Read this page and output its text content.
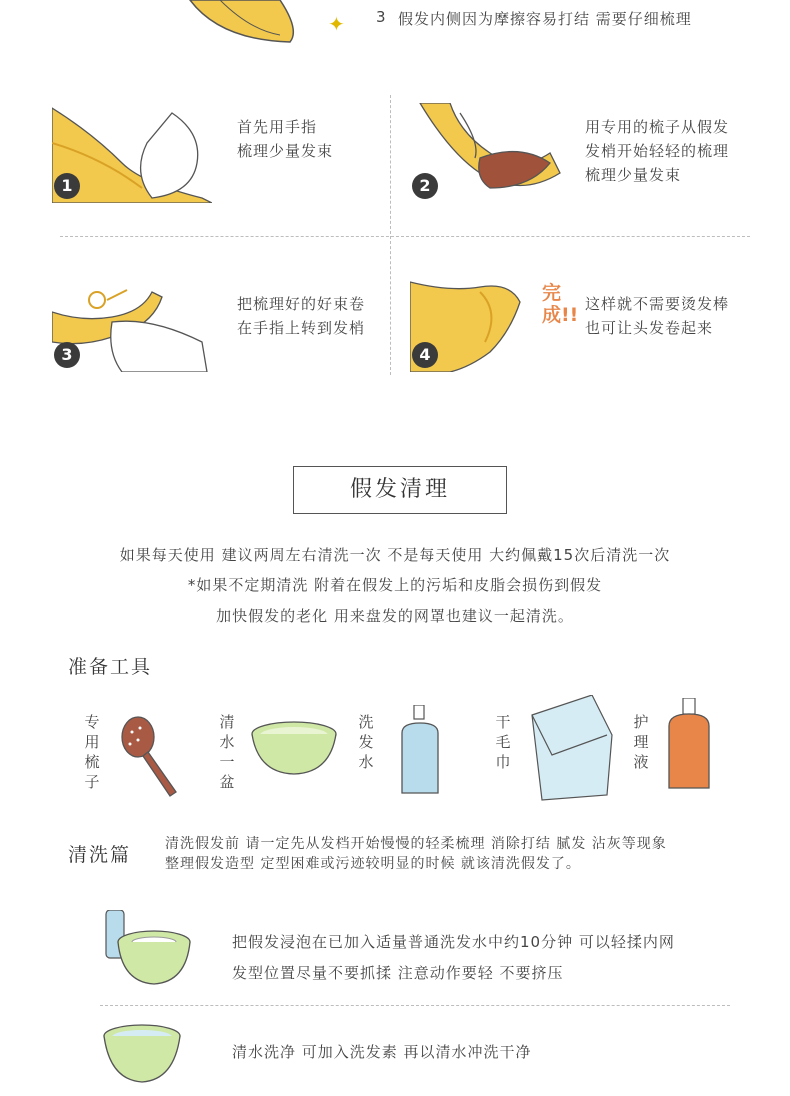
✦ 3 假发内侧因为摩擦容易打结 需要仔细梳理
1
首先用手指
梳理少量发束
2
用专用的梳子从假发
发梢开始轻轻的梳理
梳理少量发束
3
把梳理好的好束卷
在手指上转到发梢
完成!!
4
这样就不需要烫发棒
也可让头发卷起来
假发清理
如果每天使用 建议两周左右清洗一次 不是每天使用 大约佩戴15次后清洗一次
*如果不定期清洗 附着在假发上的污垢和皮脂会损伤到假发
加快假发的老化 用来盘发的网罩也建议一起清洗。
准备工具
专用梳子
清水一盆
洗发水
干毛巾
护理液
清洗篇 清洗假发前 请一定先从发档开始慢慢的轻柔梳理 消除打结 腻发 沾灰等现象
整理假发造型 定型困难或污迹较明显的时候 就该清洗假发了。
把假发浸泡在已加入适量普通洗发水中约10分钟 可以轻揉内网
发型位置尽量不要抓揉 注意动作要轻 不要挤压
清水洗净 可加入洗发素 再以清水冲洗干净
